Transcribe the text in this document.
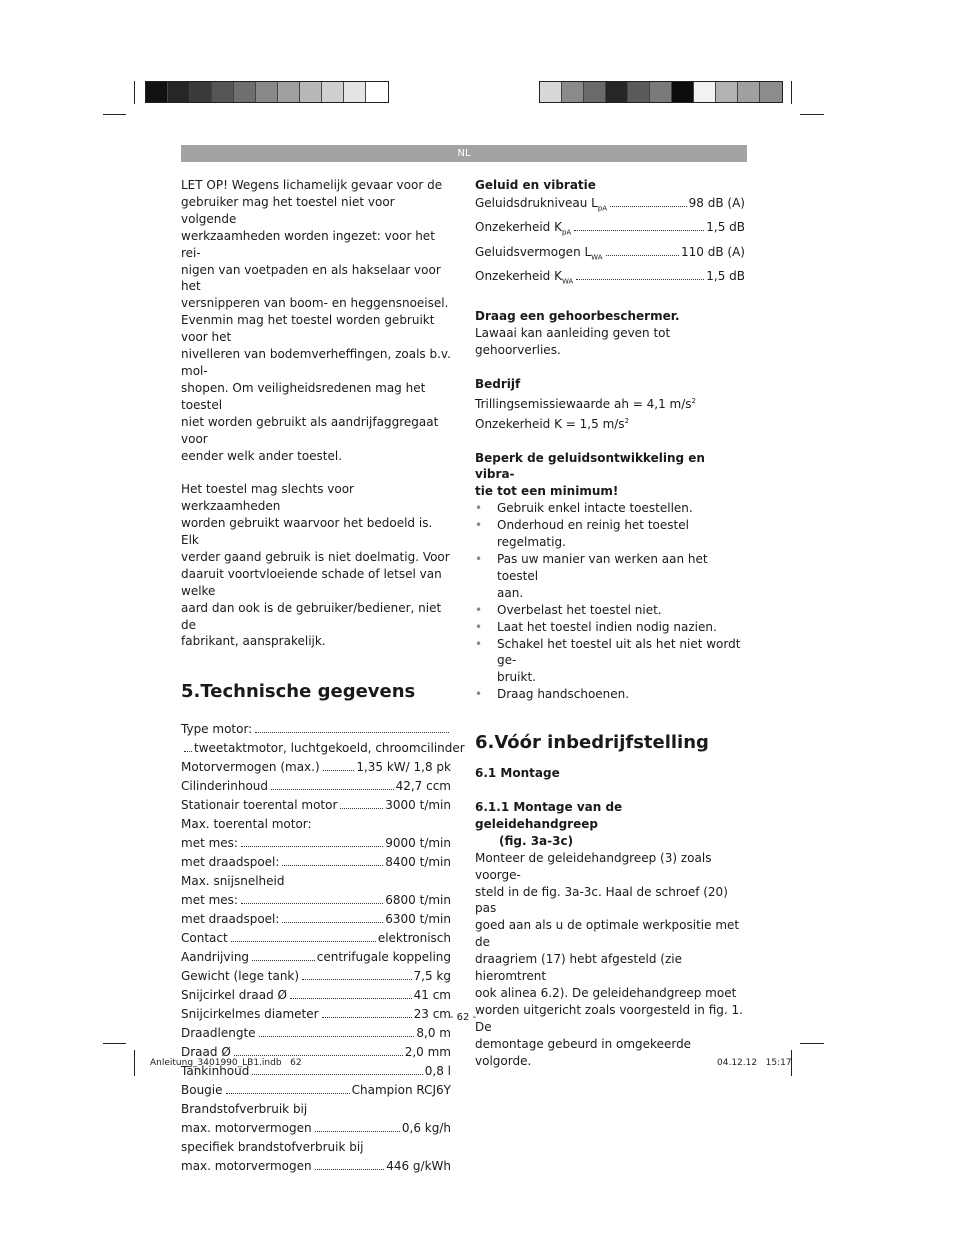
NL

LET OP! Wegens lichamelijk gevaar voor de

gebruiker mag het toestel niet voor volgende

werkzaamheden worden ingezet: voor het rei-

nigen van voetpaden en als hakselaar voor het

versnipperen van boom- en heggensnoeisel.

Evenmin mag het toestel worden gebruikt voor het

nivelleren van bodemverheffingen, zoals b.v. mol-

shopen. Om veiligheidsredenen mag het toestel

niet worden gebruikt als aandrijfaggregaat voor

eender welk ander toestel.

Het toestel mag slechts voor werkzaamheden

worden gebruikt waarvoor het bedoeld is. Elk

verder gaand gebruik is niet doelmatig. Voor

daaruit voortvloeiende schade of letsel van welke

aard dan ook is de gebruiker/bediener, niet de

fabrikant, aansprakelijk.

5.Technische gegevens
Type motor:
tweetaktmotor, luchtgekoeld, chroomcilinder
Motorvermogen (max.)	1,35 kW/ 1,8 pk
Cilinderinhoud	42,7 ccm
Stationair toerental motor	3000 t/min
Max. toerental motor:
met mes:	9000 t/min
met draadspoel:	8400 t/min
Max. snijsnelheid
met mes:	6800 t/min
met draadspoel:	6300 t/min
Contact	elektronisch
Aandrijving	centrifugale koppeling
Gewicht (lege tank)	7,5 kg
Snijcirkel draad Ø	41 cm
Snijcirkelmes diameter	23 cm
Draadlengte	8,0 m
Draad Ø	2,0 mm
Tankinhoud	0,8 l
Bougie	Champion RCJ6Y
Brandstofverbruik bij
max. motorvermogen	0,6 kg/h
specifiek brandstofverbruik bij
max. motorvermogen	446 g/kWh

Geluid en vibratie

Geluidsdrukniveau $L_{pA}$	98 dB (A)
Onzekerheid $K_{pA}$	1,5 dB
Geluidsvermogen $L_{WA}$	110 dB (A)
Onzekerheid $K_{WA}$	1,5 dB

Draag een gehoorbeschermer.

Lawaai kan aanleiding geven tot gehoorverlies.

Bedrijf

Trillingsemissiewaarde ah = 4,1 $m/s^2$

Onzekerheid K = 1,5 $m/s^2$

Beperk de geluidsontwikkeling en vibra-

tie tot een minimum!

• Gebruik enkel intacte toestellen.
• Onderhoud en reinig het toestel regelmatig.
• Pas uw manier van werken aan het toestel
aan.
• Overbelast het toestel niet.
• Laat het toestel indien nodig nazien.
• Schakel het toestel uit als het niet wordt ge-
bruikt.
• Draag handschoenen.
6.Vóór inbedrijfstelling

6.1 Montage

6.1.1 Montage van de geleidehandgreep

(fig. 3a-3c)

Monteer de geleidehandgreep (3) zoals voorge-

steld in de fig. 3a-3c. Haal de schroef (20) pas

goed aan als u de optimale werkpositie met de

draagriem (17) hebt afgesteld (zie hieromtrent

ook alinea 6.2). De geleidehandgreep moet

worden uitgericht zoals voorgesteld in fig. 1. De

demontage gebeurd in omgekeerde volgorde.

- 62 -
Anleitung_3401990_LB1.indb   62	04.12.12   15:17
